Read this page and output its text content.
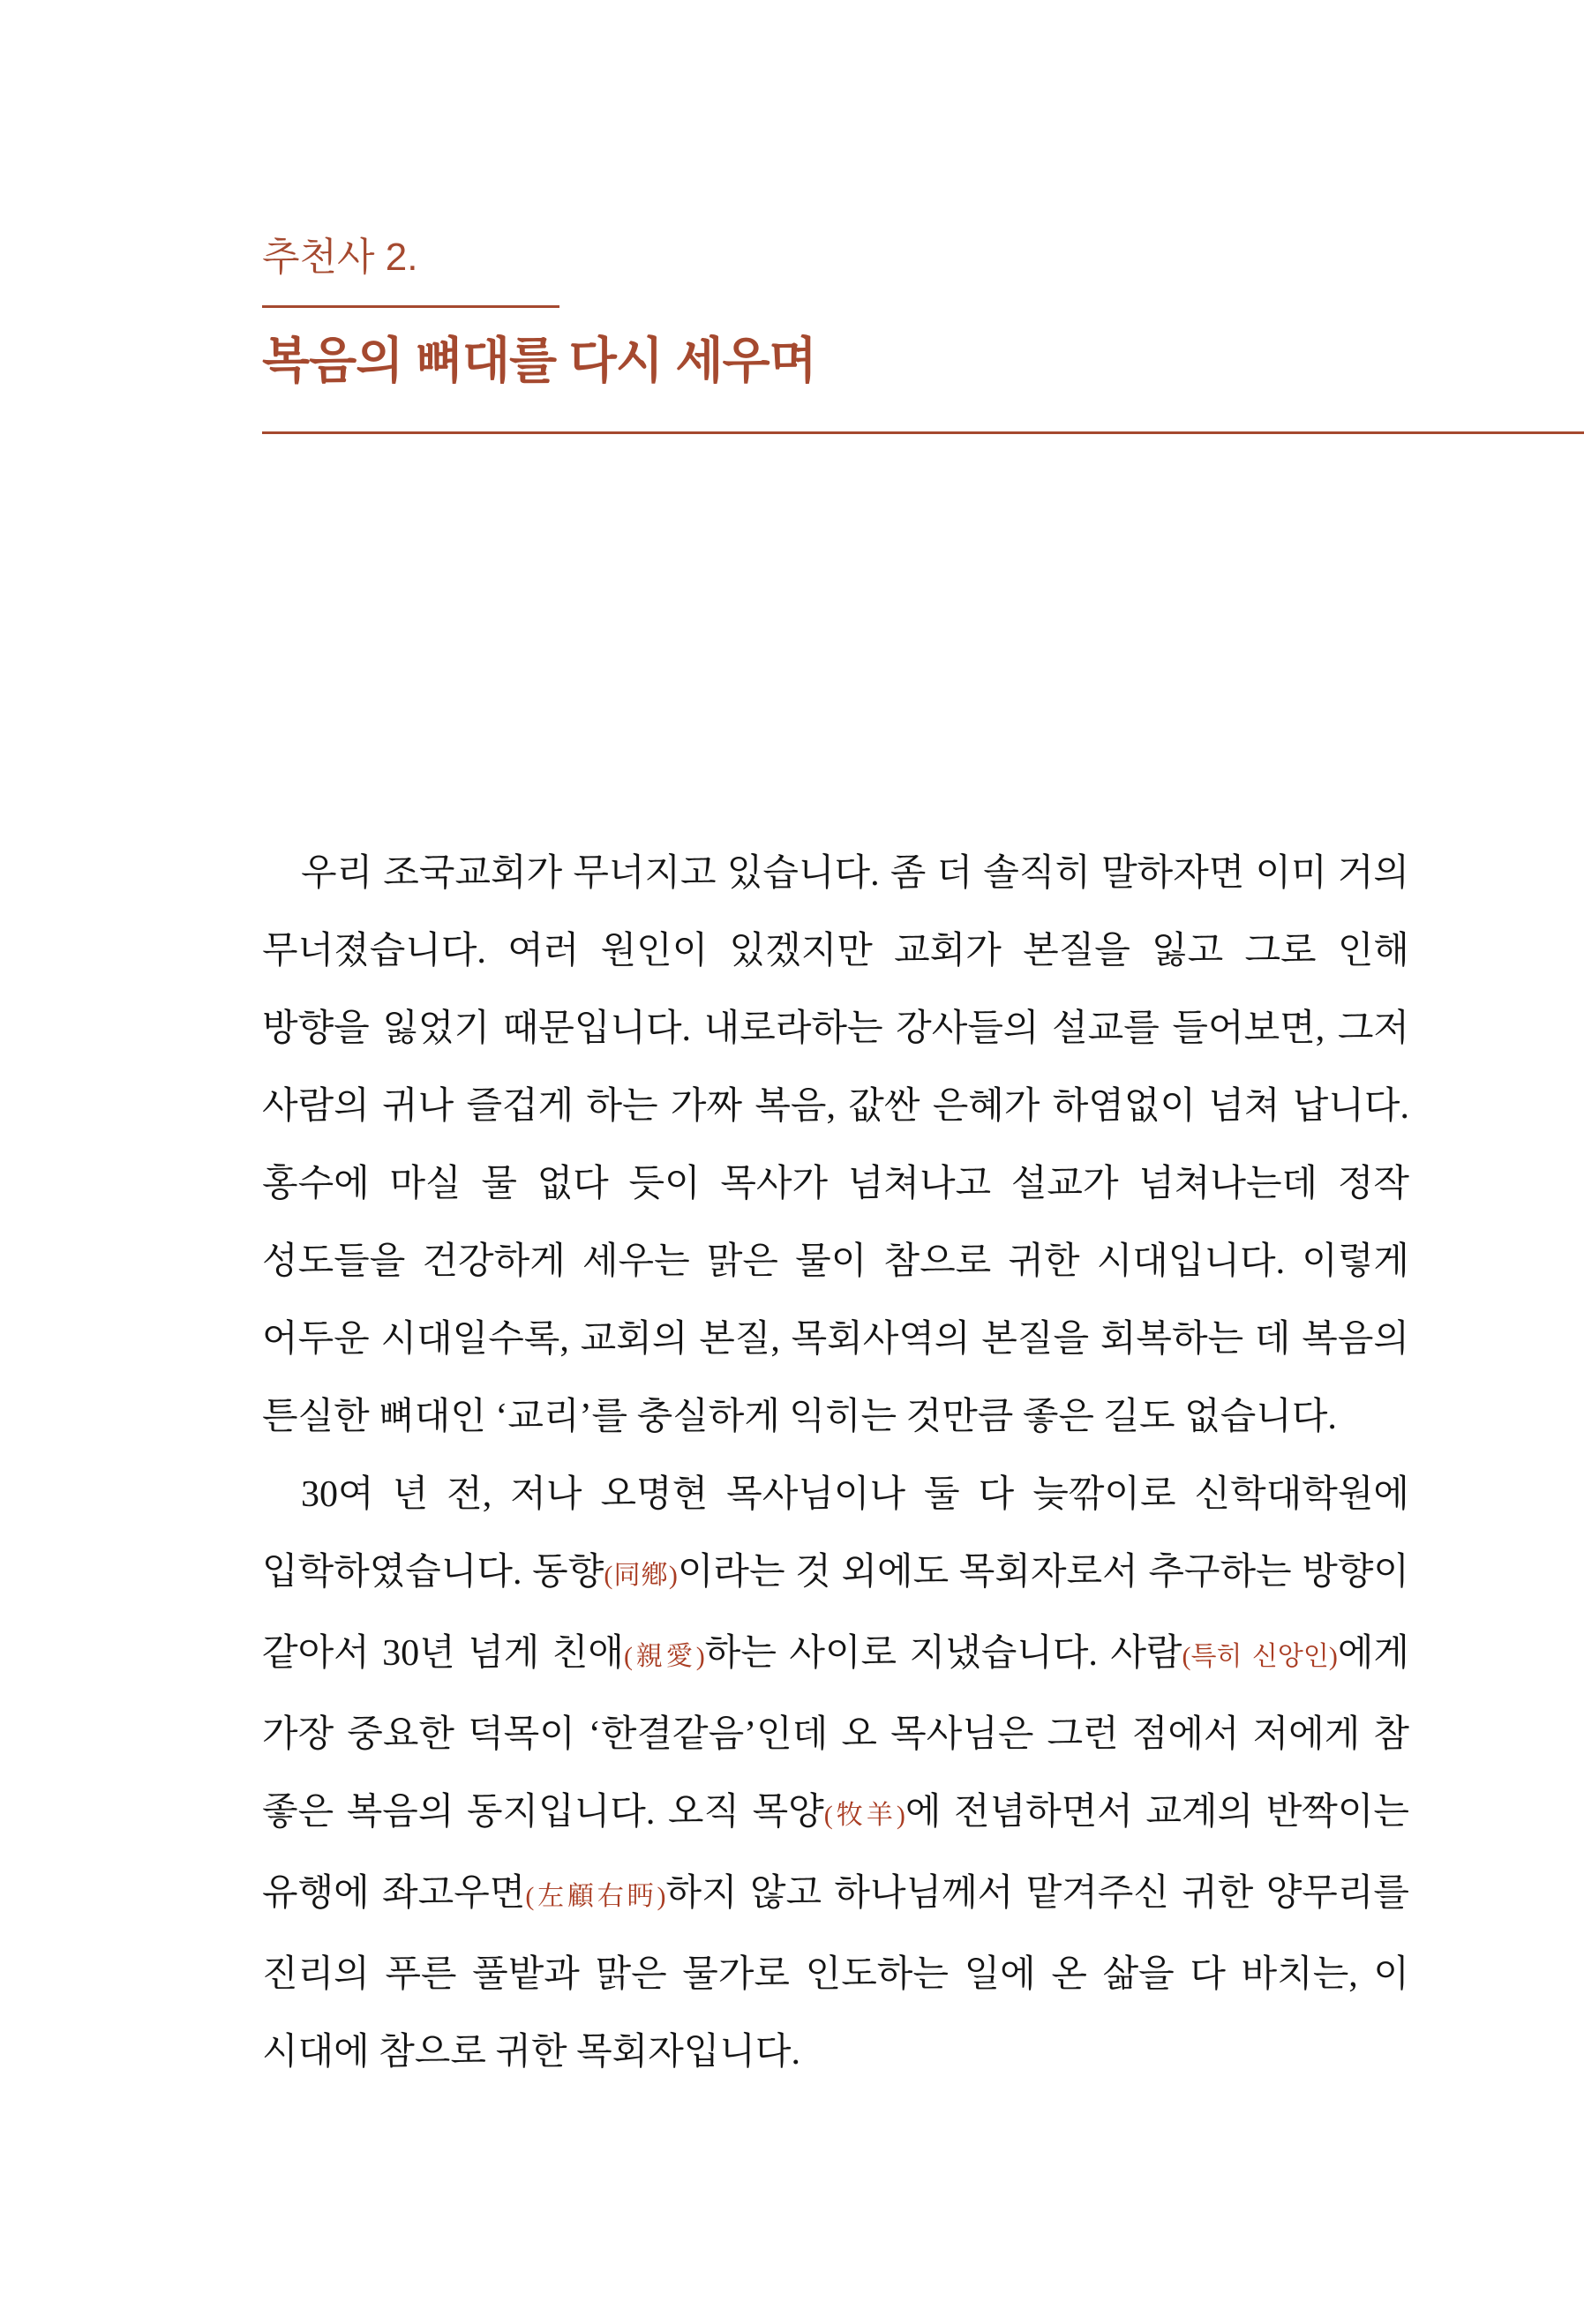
추천사 2.
복음의 뼈대를 다시 세우며

우리 조국교회가 무너지고 있습니다. 좀 더 솔직히 말하자면 이미 거의 무너졌습니다. 여러 원인이 있겠지만 교회가 본질을 잃고 그로 인해 방향을 잃었기 때문입니다. 내로라하는 강사들의 설교를 들어보면, 그저 사람의 귀나 즐겁게 하는 가짜 복음, 값싼 은혜가 하염없이 넘쳐 납니다. 홍수에 마실 물 없다 듯이 목사가 넘쳐나고 설교가 넘쳐나는데 정작 성도들을 건강하게 세우는 맑은 물이 참으로 귀한 시대입니다. 이렇게 어두운 시대일수록, 교회의 본질, 목회사역의 본질을 회복하는 데 복음의 튼실한 뼈대인 ‘교리’를 충실하게 익히는 것만큼 좋은 길도 없습니다.

30여 년 전, 저나 오명현 목사님이나 둘 다 늦깎이로 신학대학원에 입학하였습니다. 동향(同鄕)이라는 것 외에도 목회자로서 추구하는 방향이 같아서 30년 넘게 친애(親愛)하는 사이로 지냈습니다. 사람(특히 신앙인)에게 가장 중요한 덕목이 ‘한결같음’인데 오 목사님은 그런 점에서 저에게 참 좋은 복음의 동지입니다. 오직 목양(牧羊)에 전념하면서 교계의 반짝이는 유행에 좌고우면(左顧右眄)하지 않고 하나님께서 맡겨주신 귀한 양무리를 진리의 푸른 풀밭과 맑은 물가로 인도하는 일에 온 삶을 다 바치는, 이 시대에 참으로 귀한 목회자입니다.
